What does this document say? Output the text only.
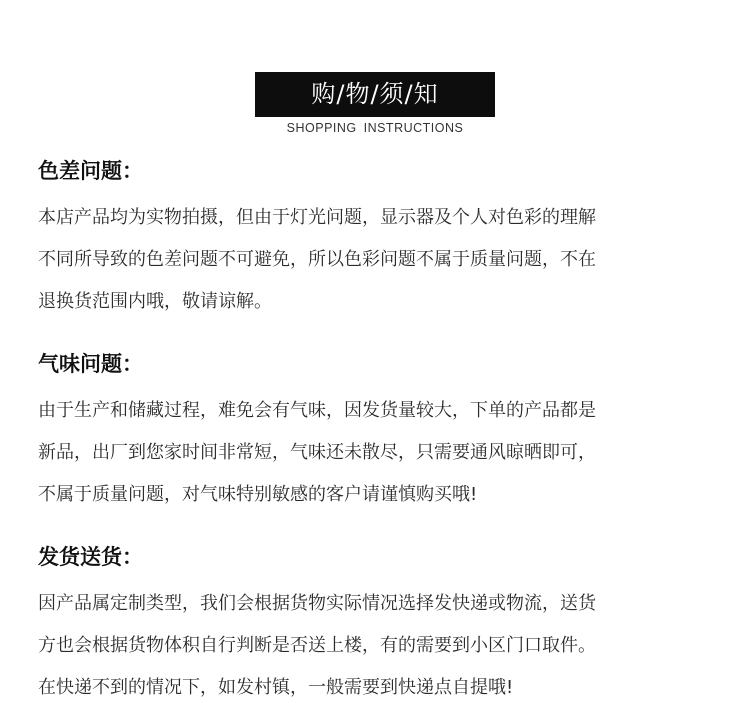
购/物/须/知
SHOPPING INSTRUCTIONS
色差问题：
本店产品均为实物拍摄，但由于灯光问题，显示器及个人对色彩的理解
不同所导致的色差问题不可避免，所以色彩问题不属于质量问题，不在
退换货范围内哦，敬请谅解。
气味问题：
由于生产和储藏过程，难免会有气味，因发货量较大，下单的产品都是
新品，出厂到您家时间非常短，气味还未散尽，只需要通风晾晒即可，
不属于质量问题，对气味特别敏感的客户请谨慎购买哦!
发货送货：
因产品属定制类型，我们会根据货物实际情况选择发快递或物流，送货
方也会根据货物体积自行判断是否送上楼，有的需要到小区门口取件。
在快递不到的情况下，如发村镇，一般需要到快递点自提哦!
